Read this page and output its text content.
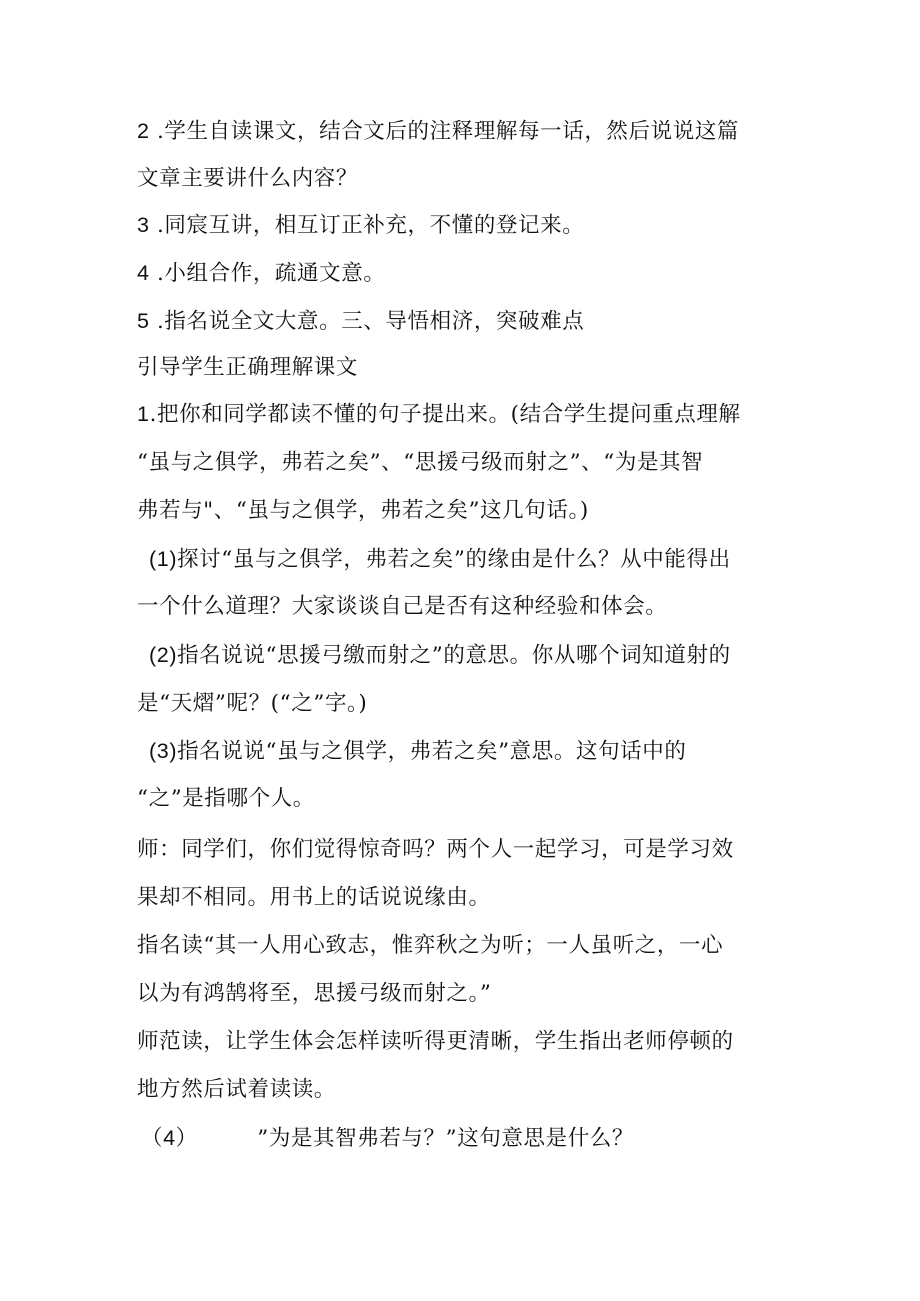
2 .学生自读课文，结合文后的注释理解每一话，然后说说这篇
文章主要讲什么内容？
3 .同宸互讲，相互订正补充，不懂的登记来。
4 .小组合作，疏通文意。
5 .指名说全文大意。三、导悟相济，突破难点
引导学生正确理解课文
1.把你和同学都读不懂的句子提出来。(结合学生提问重点理解
“虽与之俱学，弗若之矣”、“思援弓级而射之”、“为是其智
弗若与"、“虽与之俱学，弗若之矣”这几句话。)
(1)探讨“虽与之俱学，弗若之矣”的缘由是什么？从中能得出
一个什么道理？大家谈谈自己是否有这种经验和体会。
(2)指名说说“思援弓缴而射之”的意思。你从哪个词知道射的
是“天熠”呢？(“之”字。)
(3)指名说说“虽与之俱学，弗若之矣”意思。这句话中的
“之”是指哪个人。
师：同学们，你们觉得惊奇吗？两个人一起学习，可是学习效
果却不相同。用书上的话说说缘由。
指名读“其一人用心致志，惟弈秋之为听；一人虽听之，一心
以为有鸿鹄将至，思援弓级而射之。”
师范读，让学生体会怎样读听得更清晰，学生指出老师停顿的
地方然后试着读读。
（4）        ”为是其智弗若与？”这句意思是什么？
